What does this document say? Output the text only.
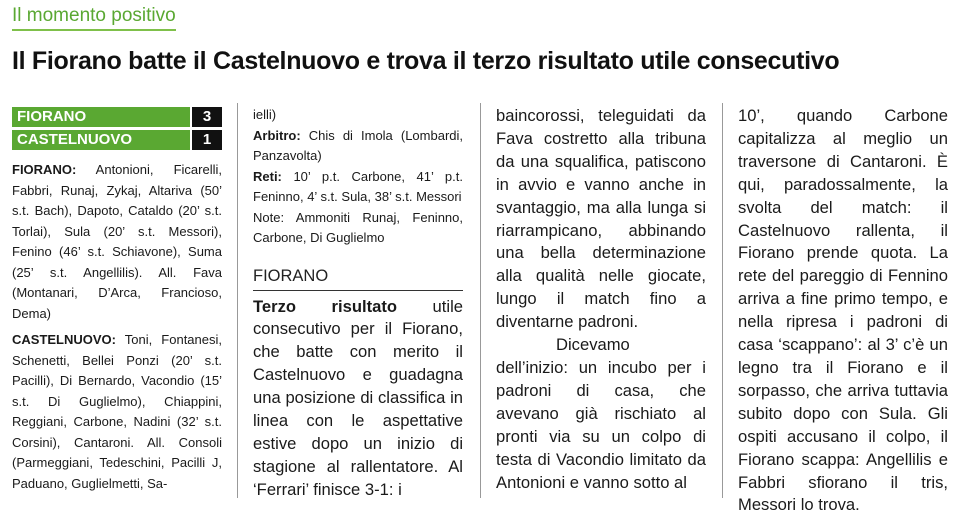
Il momento positivo
Il Fiorano batte il Castelnuovo e trova il terzo risultato utile consecutivo
FIORANO	3
CASTELNUOVO	1

FIORANO: Antonioni, Ficarelli, Fabbri, Runaj, Zykaj, Altariva (50’ s.t. Bach), Dapoto, Cataldo (20’ s.t. Torlai), Sula (20’ s.t. Messori), Fenino (46’ s.t. Schiavone), Suma (25’ s.t. Angellilis). All. Fava (Montanari, D’Arca, Francioso, Dema)

CASTELNUOVO: Toni, Fontanesi, Schenetti, Bellei Ponzi (20’ s.t. Pacilli), Di Bernardo, Vacondio (15’ s.t. Di Guglielmo), Chiappini, Reggiani, Carbone, Nadini (32’ s.t. Corsini), Cantaroni. All. Consoli (Parmeggiani, Tedeschini, Pacilli J, Paduano, Guglielmetti, Sa-

ielli)

Arbitro: Chis di Imola (Lombardi, Panzavolta)

Reti: 10’ p.t. Carbone, 41’ p.t. Feninno, 4’ s.t. Sula, 38’ s.t. Messori

Note: Ammoniti Runaj, Feninno, Carbone, Di Guglielmo

FIORANO

Terzo risultato utile consecutivo per il Fiorano, che batte con merito il Castelnuovo e guadagna una posizione di classifica in linea con le aspettative estive dopo un inizio di stagione al rallentatore. Al ‘Ferrari’ finisce 3-1: i

baincorossi, teleguidati da Fava costretto alla tribuna da una squalifica, patiscono in avvio e vanno anche in svantaggio, ma alla lunga si riarrampicano, abbinando una bella determinazione alla qualità nelle giocate, lungo il match fino a diventarne padroni.

Dicevamo dell’inizio: un incubo per i padroni di casa, che avevano già rischiato al pronti via su un colpo di testa di Vacondio limitato da Antonioni e vanno sotto al

10’, quando Carbone capitalizza al meglio un traversone di Cantaroni. È qui, paradossalmente, la svolta del match: il Castelnuovo rallenta, il Fiorano prende quota. La rete del pareggio di Fennino arriva a fine primo tempo, e nella ripresa i padroni di casa ‘scappano’: al 3’ c’è un legno tra il Fiorano e il sorpasso, che arriva tuttavia subito dopo con Sula. Gli ospiti accusano il colpo, il Fiorano scappa: Angellilis e Fabbri sfiorano il tris, Messori lo trova.
